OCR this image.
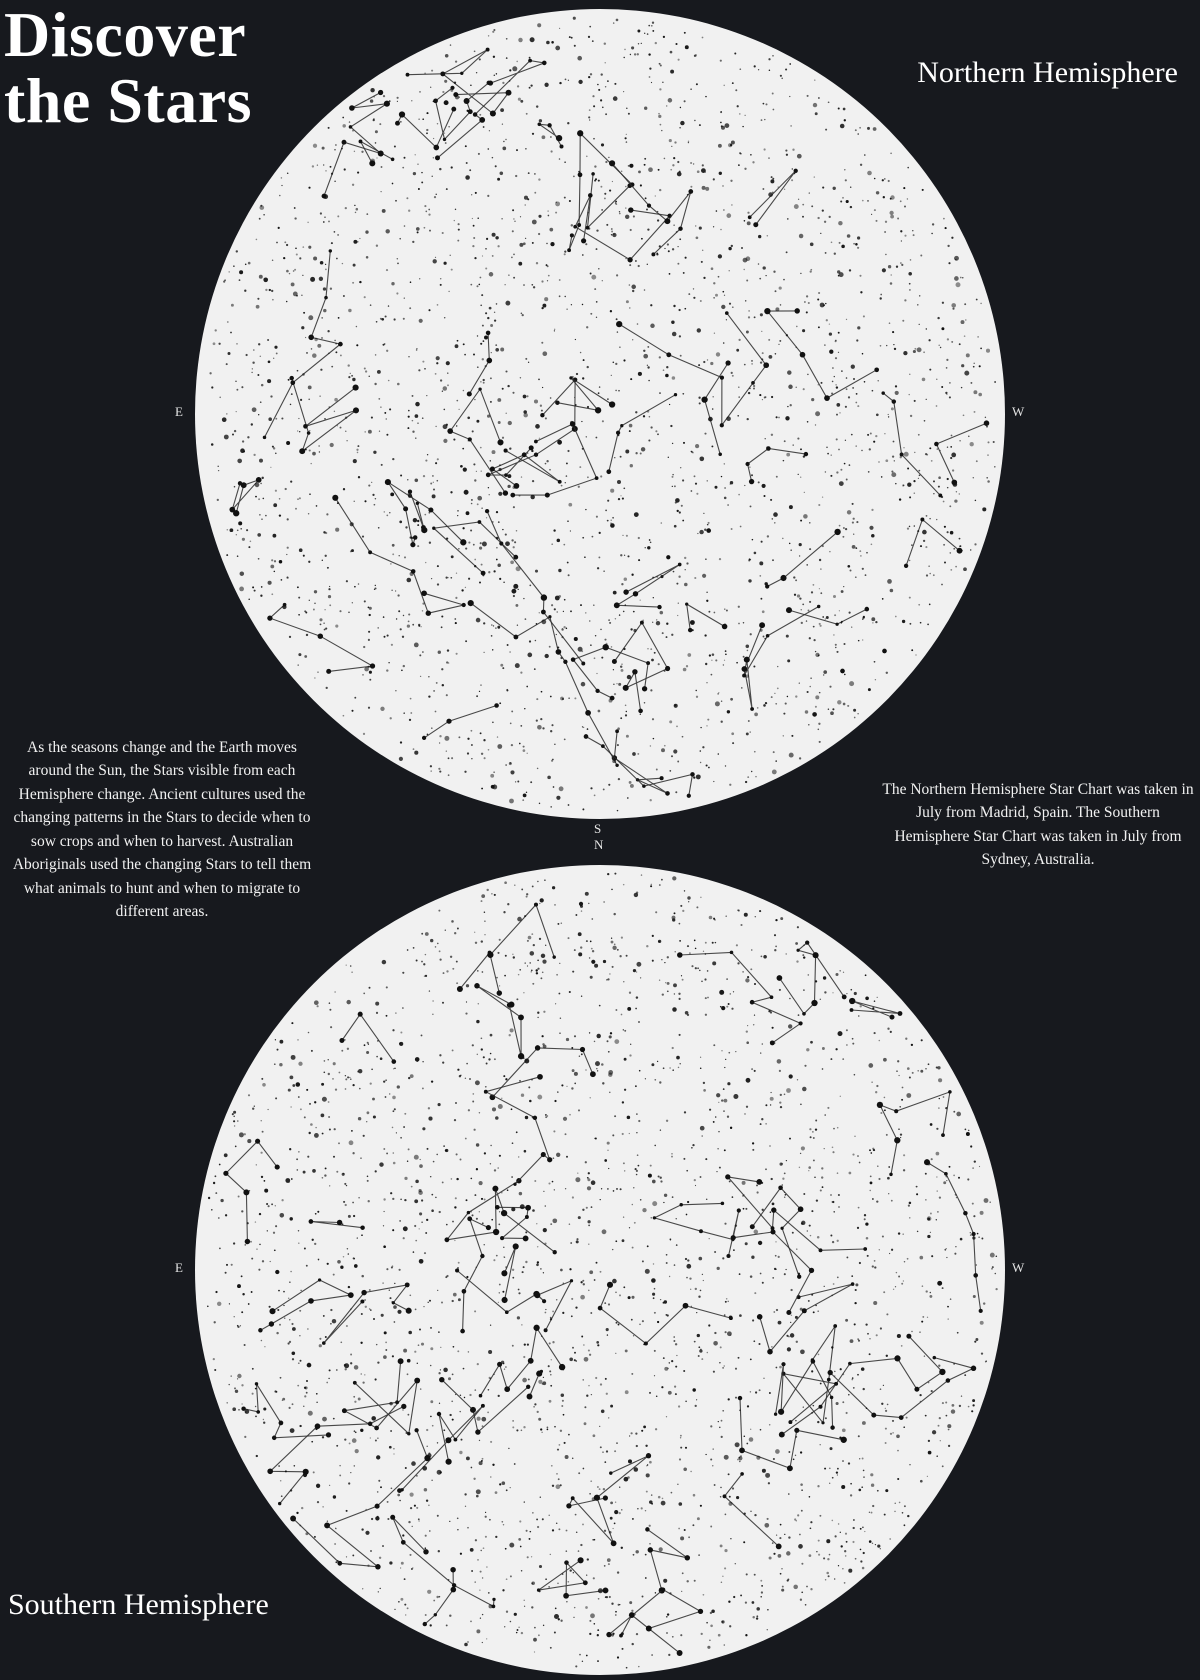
Discover
the Stars	Northern Hemisphere
E	W
S
N

As the seasons change and the Earth moves around the Sun, the Stars visible from each Hemisphere change. Ancient cultures used the changing patterns in the Stars to decide when to sow crops and when to harvest. Australian Aboriginals used the changing Stars to tell them what animals to hunt and when to migrate to different areas.

The Northern Hemisphere Star Chart was taken in July from Madrid, Spain. The Southern Hemisphere Star Chart was taken in July from Sydney, Australia.

E	W
Southern Hemisphere
